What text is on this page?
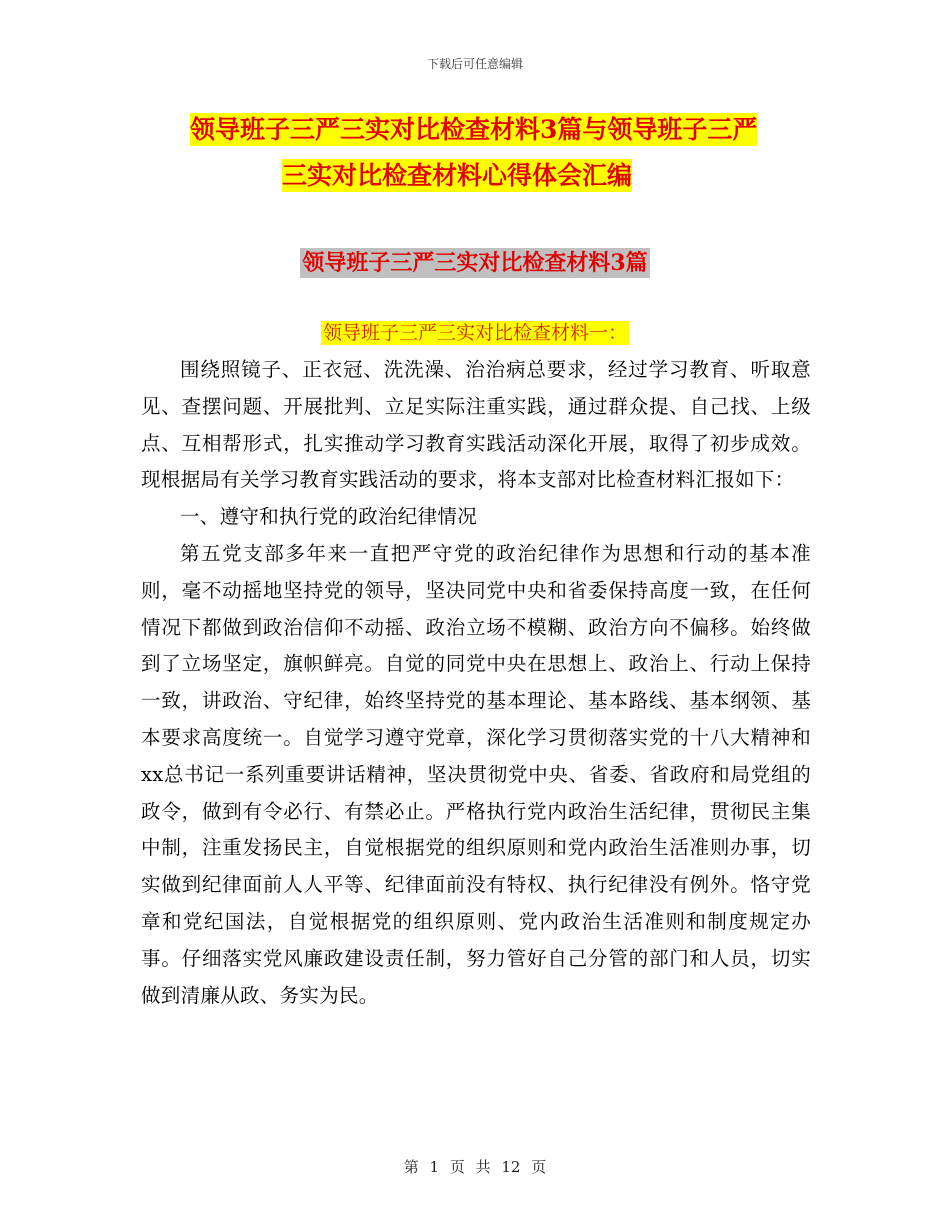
下载后可任意编辑
领导班子三严三实对比检查材料3篇与领导班子三严
三实对比检查材料心得体会汇编
领导班子三严三实对比检查材料3篇
领导班子三严三实对比检查材料一：

围绕照镜子、正衣冠、洗洗澡、治治病总要求，经过学习教育、听取意见、查摆问题、开展批判、立足实际注重实践，通过群众提、自己找、上级点、互相帮形式，扎实推动学习教育实践活动深化开展，取得了初步成效。现根据局有关学习教育实践活动的要求，将本支部对比检查材料汇报如下：

一、遵守和执行党的政治纪律情况

第五党支部多年来一直把严守党的政治纪律作为思想和行动的基本准则，毫不动摇地坚持党的领导，坚决同党中央和省委保持高度一致，在任何情况下都做到政治信仰不动摇、政治立场不模糊、政治方向不偏移。始终做到了立场坚定，旗帜鲜亮。自觉的同党中央在思想上、政治上、行动上保持一致，讲政治、守纪律，始终坚持党的基本理论、基本路线、基本纲领、基本要求高度统一。自觉学习遵守党章，深化学习贯彻落实党的十八大精神和xx总书记一系列重要讲话精神，坚决贯彻党中央、省委、省政府和局党组的政令，做到有令必行、有禁必止。严格执行党内政治生活纪律，贯彻民主集中制，注重发扬民主，自觉根据党的组织原则和党内政治生活准则办事，切实做到纪律面前人人平等、纪律面前没有特权、执行纪律没有例外。恪守党章和党纪国法，自觉根据党的组织原则、党内政治生活准则和制度规定办事。仔细落实党风廉政建设责任制，努力管好自己分管的部门和人员，切实做到清廉从政、务实为民。

第 1 页 共 12 页
